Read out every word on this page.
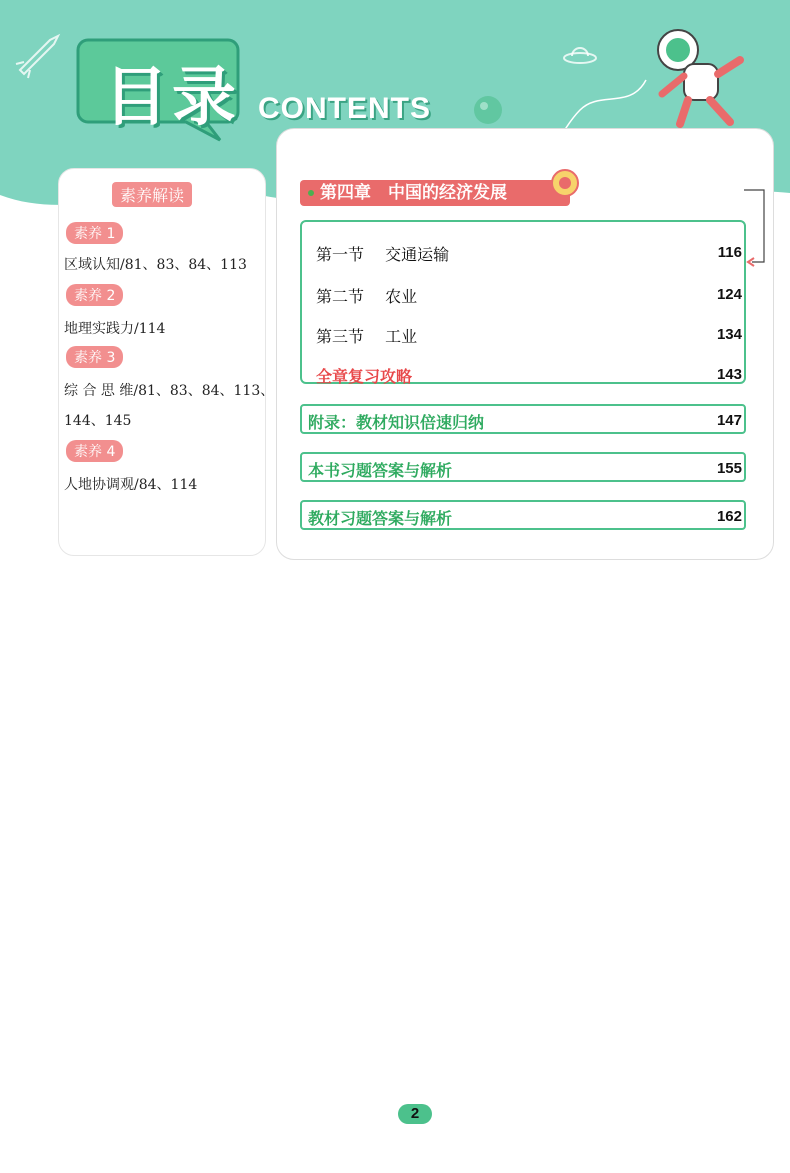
目录 CONTENTS
素养解读
素养 1
区域认知/81、83、84、113
素养 2
地理实践力/114
素养 3
综 合 思 维/81、83、84、113、
144、145
素养 4
人地协调观/84、114
第四章　中国的经济发展
第一节 交通运输	116
第二节 农业	124
第三节 工业	134
全章复习攻略	143
附录：教材知识倍速归纳	147
本书习题答案与解析	155
教材习题答案与解析	162
2
